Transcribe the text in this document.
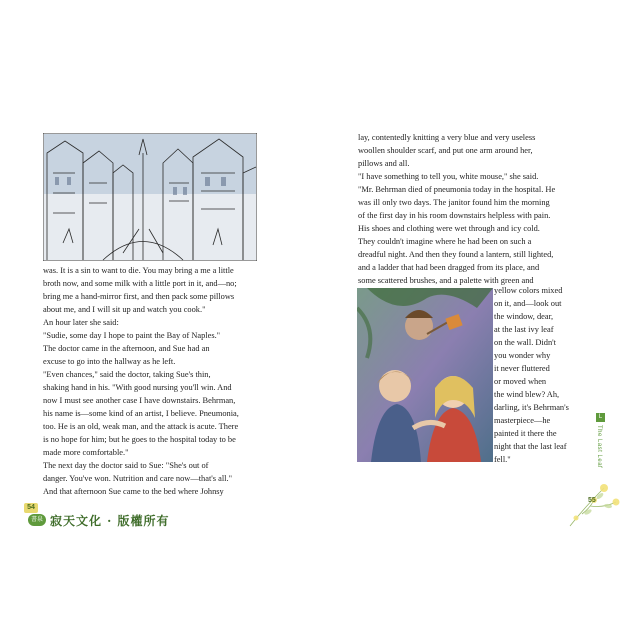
was. It is a sin to want to die. You may bring a me a little

broth now, and some milk with a little port in it, and—no;

bring me a hand-mirror first, and then pack some pillows

about me, and I will sit up and watch you cook."

An hour later she said:

"Sudie, some day I hope to paint the Bay of Naples."

The doctor came in the afternoon, and Sue had an

excuse to go into the hallway as he left.

"Even chances," said the doctor, taking Sue's thin,

shaking hand in his. "With good nursing you'll win. And

now I must see another case I have downstairs. Behrman,

his name is—some kind of an artist, I believe. Pneumonia,

too. He is an old, weak man, and the attack is acute. There

is no hope for him; but he goes to the hospital today to be

made more comfortable."

The next day the doctor said to Sue: "She's out of

danger. You've won. Nutrition and care now—that's all."

And that afternoon Sue came to the bed where Johnsy

54
書泉 寂天文化 · 版權所有

lay, contentedly knitting a very blue and very useless

woollen shoulder scarf, and put one arm around her,

pillows and all.

"I have something to tell you, white mouse," she said.

"Mr. Behrman died of pneumonia today in the hospital. He

was ill only two days. The janitor found him the morning

of the first day in his room downstairs helpless with pain.

His shoes and clothing were wet through and icy cold.

They couldn't imagine where he had been on such a

dreadful night. And then they found a lantern, still lighted,

and a ladder that had been dragged from its place, and

some scattered brushes, and a palette with green and

yellow colors mixed

on it, and—look out

the window, dear,

at the last ivy leaf

on the wall. Didn't

you wonder why

it never fluttered

or moved when

the wind blew? Ah,

darling, it's Behrman's

masterpiece—he

painted it there the

night that the last leaf

fell."

L
The Last Leaf
55
